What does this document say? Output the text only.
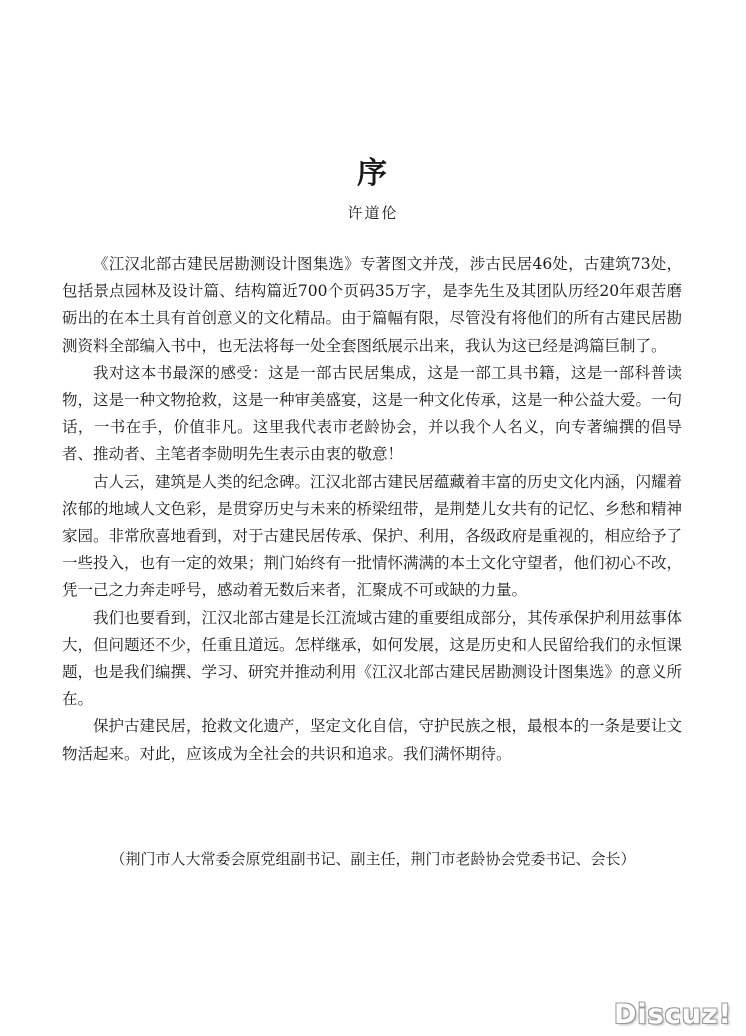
序
许道伦

《江汉北部古建民居勘测设计图集选》专著图文并茂，涉古民居46处，古建筑73处，包括景点园林及设计篇、结构篇近700个页码35万字，是李先生及其团队历经20年艰苦磨砺出的在本土具有首创意义的文化精品。由于篇幅有限，尽管没有将他们的所有古建民居勘测资料全部编入书中，也无法将每一处全套图纸展示出来，我认为这已经是鸿篇巨制了。

我对这本书最深的感受：这是一部古民居集成，这是一部工具书籍，这是一部科普读物，这是一种文物抢救，这是一种审美盛宴，这是一种文化传承，这是一种公益大爱。一句话，一书在手，价值非凡。这里我代表市老龄协会，并以我个人名义，向专著编撰的倡导者、推动者、主笔者李勋明先生表示由衷的敬意！

古人云，建筑是人类的纪念碑。江汉北部古建民居蕴藏着丰富的历史文化内涵，闪耀着浓郁的地域人文色彩，是贯穿历史与未来的桥梁纽带，是荆楚儿女共有的记忆、乡愁和精神家园。非常欣喜地看到，对于古建民居传承、保护、利用，各级政府是重视的，相应给予了一些投入，也有一定的效果；荆门始终有一批情怀满满的本土文化守望者，他们初心不改，凭一己之力奔走呼号，感动着无数后来者，汇聚成不可或缺的力量。

我们也要看到，江汉北部古建是长江流域古建的重要组成部分，其传承保护利用兹事体大，但问题还不少，任重且道远。怎样继承，如何发展，这是历史和人民留给我们的永恒课题，也是我们编撰、学习、研究并推动利用《江汉北部古建民居勘测设计图集选》的意义所在。

保护古建民居，抢救文化遗产，坚定文化自信，守护民族之根，最根本的一条是要让文物活起来。对此，应该成为全社会的共识和追求。我们满怀期待。

（荆门市人大常委会原党组副书记、副主任，荆门市老龄协会党委书记、会长）
Discuz!
